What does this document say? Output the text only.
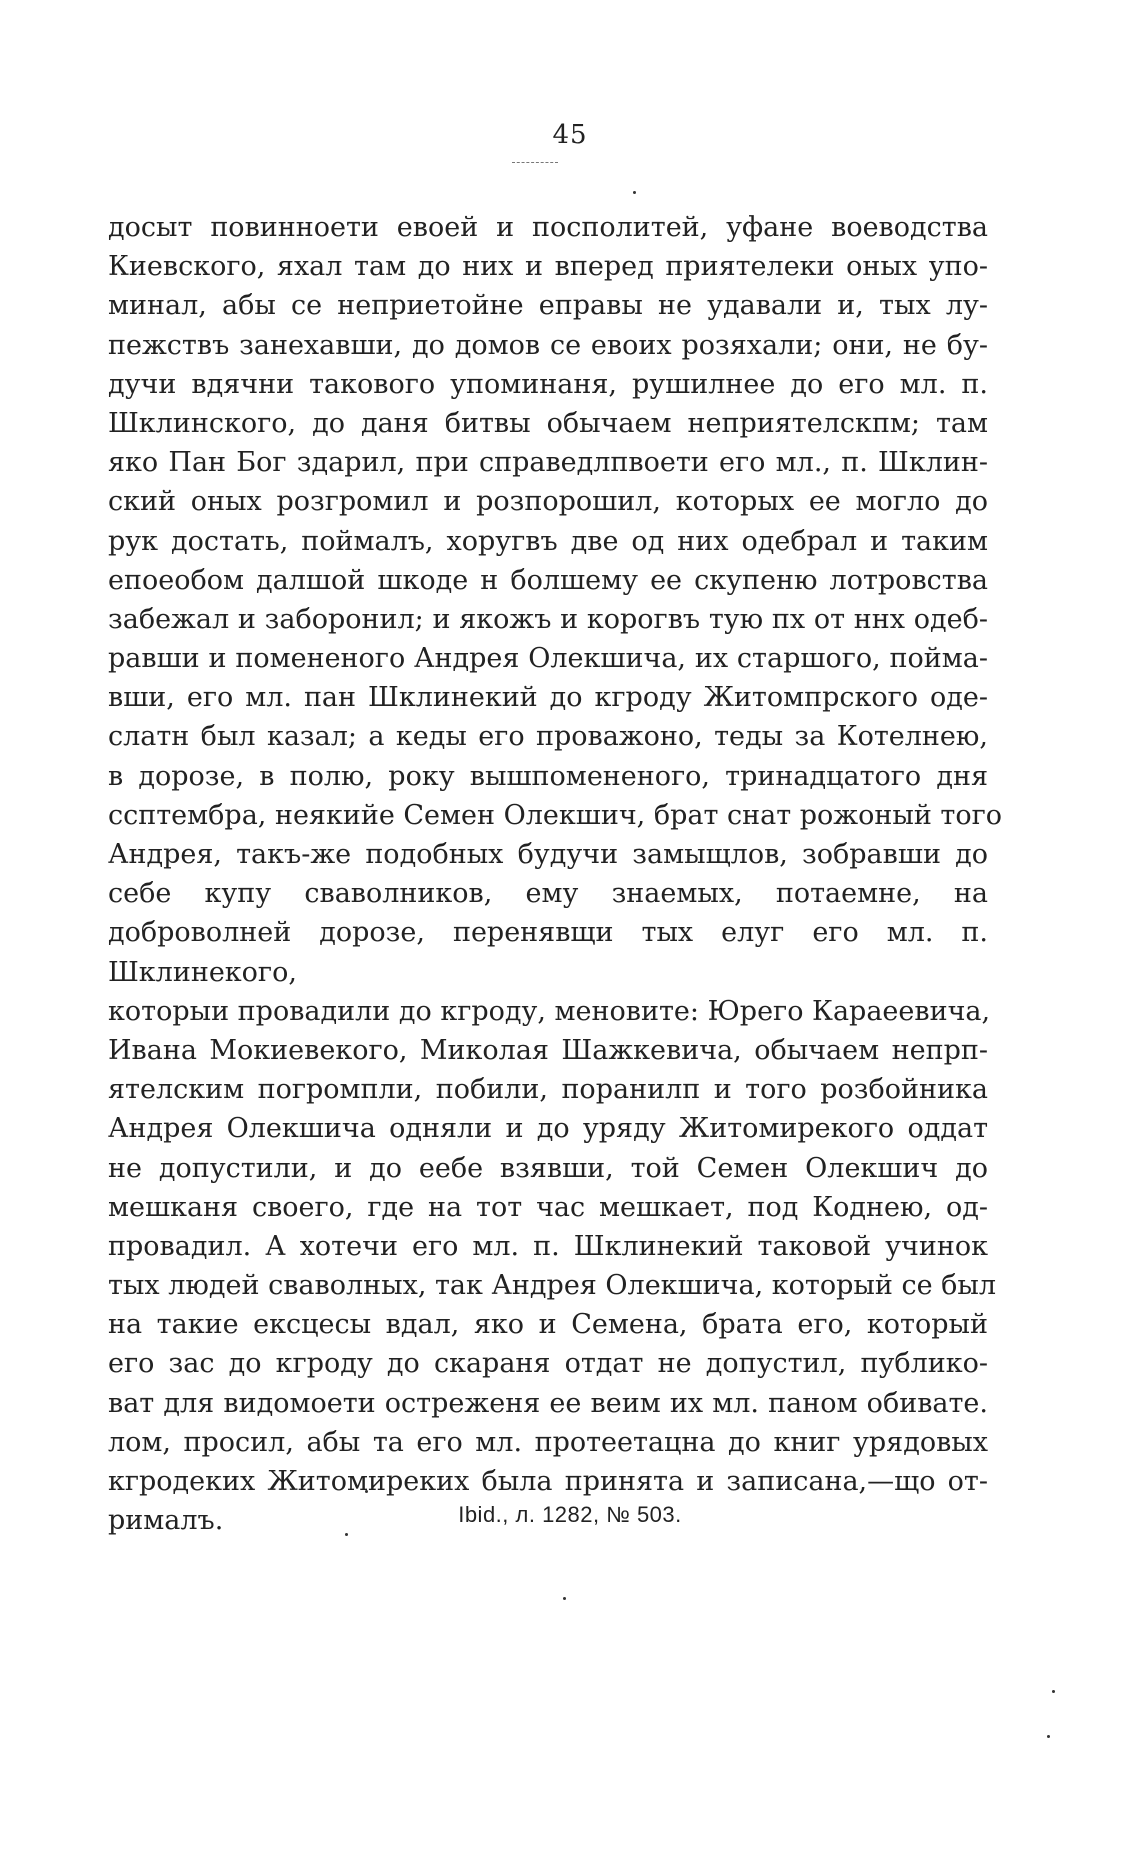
45
досыт повинноети евоей и посполитей, уфане воеводства
Киевского, яхал там до них и вперед приятелеки оных упо-
минал, абы се неприетойне еправы не удавали и, тых лу-
пежствъ занехавши, до домов се евоих розяхали; они, не бу-
дучи вдячни таковoго упоминаня, рушилнее до его мл. п.
Шклинского, до даня битвы обычаем неприятелскпм; там
яко Пан Бог здарил, при справедлпвоети его мл., п. Шклин-
ский оных розгромил и розпорошил, которых ее могло до
рук достать, поймалъ, хоругвъ две од них одебрал и таким
епоеобом далшой шкоде н болшему ее скупеню лотровства
забежал и заборонил; и якожъ и корогвъ тую пх от ннх одеб-
равши и помененого Андрея Олекшича, их старшого, пойма-
вши, его мл. пан Шклинекий до кгроду Житомпрского оде-
слатн был казал; а кеды его проважоно, теды за Котелнею,
в дорозе, в полю, року вышпомененого, тринадцатого дня
ссптембра, неякийе Семен Олекшич, брат снат рожоный того
Андрея, такъ-же подобных будучи замыщлов, зобравши до
себе купу сваволников, ему знаемых, потаемне, на доброволней дорозе, перенявщи тых елуг его мл. п. Шклинекого,
которыи провадили до кгроду, меновите: Юрего Караеевича,
Ивана Мокиевекого, Миколая Шажкевича, обычаем непрп-
ятелским погромпли, побили, поранилп и того розбойника
Андрея Олекшича одняли и до уряду Житомирекого оддат
не допустили, и до еебе взявши, той Семен Олекшич до
мешканя своего, где на тот час мешкает, под Коднею, од-
провадил. А хотечи его мл. п. Шклинекий таковой учинок
тых людей сваволных, так Андрея Олекшича, который се был
на такие ексцесы вдал, яко и Семена, брата его, который
его зас до кгроду до скараня отдат не допустил, публико-
ват для видомоети остреженя ее веим их мл. паном обивате.
лом, просил, абы та его мл. протеетацна до книг урядовых
кгродеких Житомиреких была принята и записана,—що от-
рималъ.	Ibid., л. 1282, № 503.
